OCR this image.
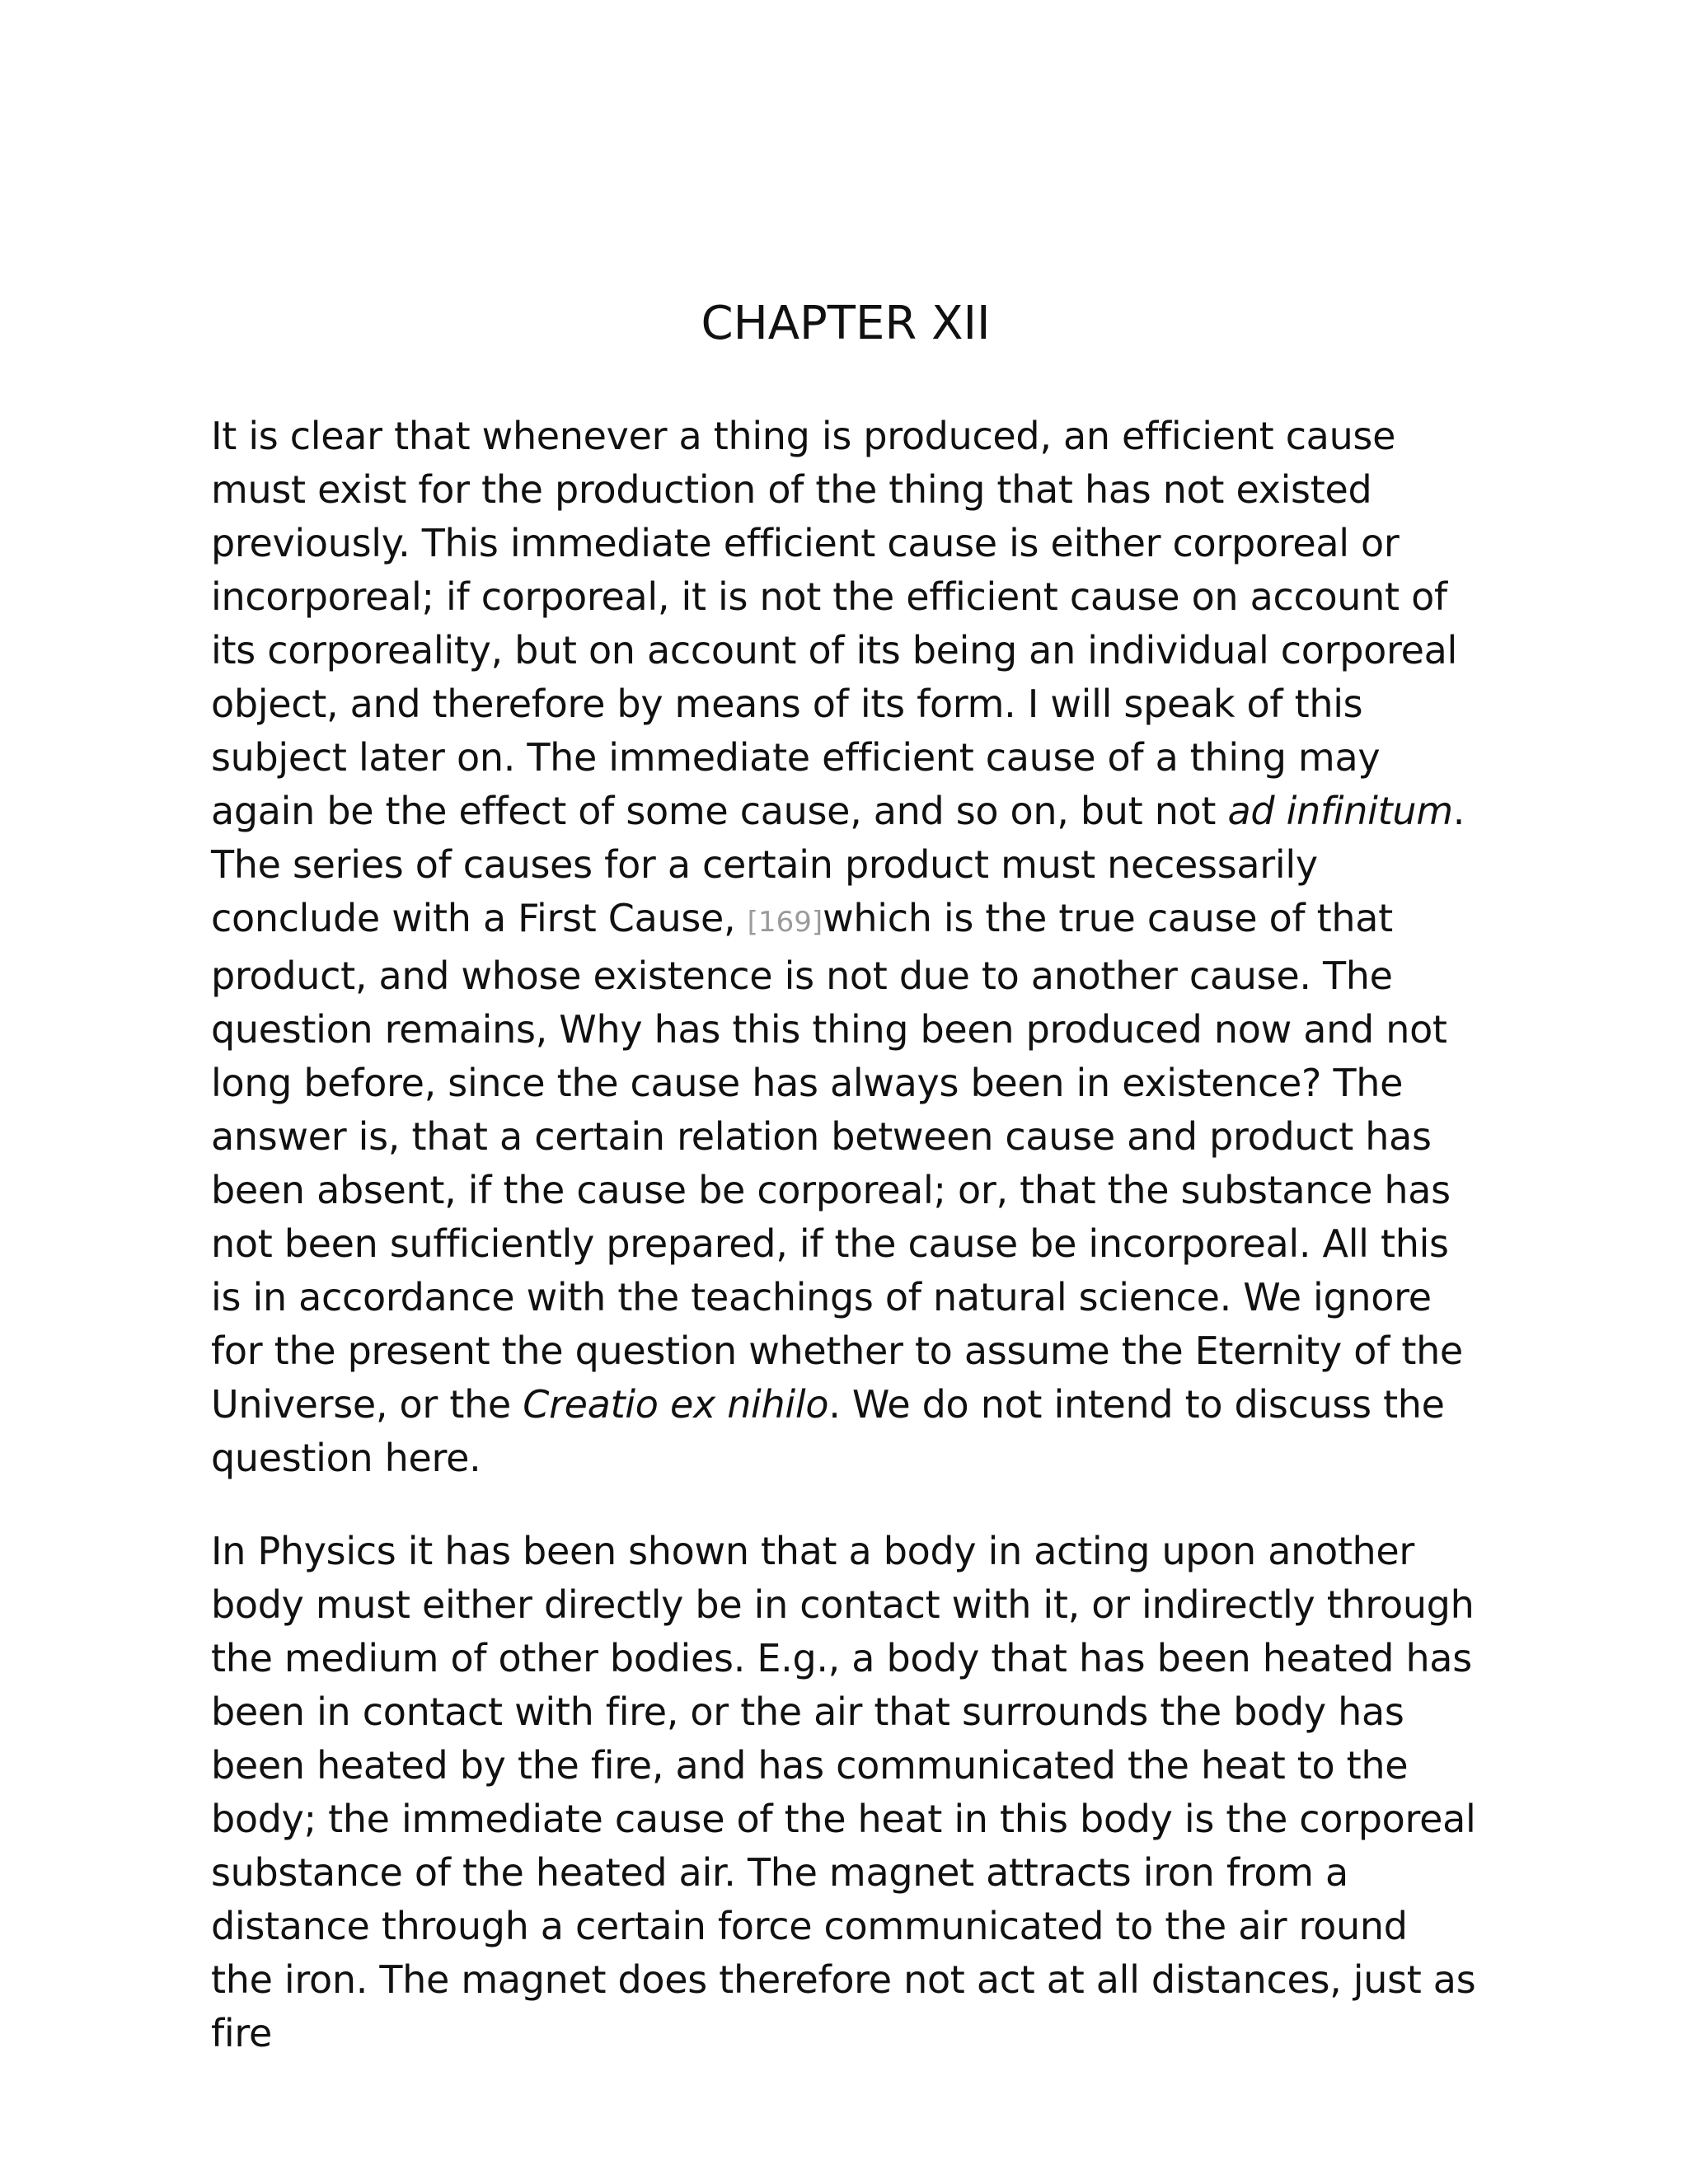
CHAPTER XII

It is clear that whenever a thing is produced, an efficient cause must exist for the production of the thing that has not existed previously. This immediate efficient cause is either corporeal or incorporeal; if corporeal, it is not the efficient cause on account of its corporeality, but on account of its being an individual corporeal object, and therefore by means of its form. I will speak of this subject later on. The immediate efficient cause of a thing may again be the effect of some cause, and so on, but not ad infinitum. The series of causes for a certain product must necessarily conclude with a First Cause, [169]which is the true cause of that product, and whose existence is not due to another cause. The question remains, Why has this thing been produced now and not long before, since the cause has always been in existence? The answer is, that a certain relation between cause and product has been absent, if the cause be corporeal; or, that the substance has not been sufficiently prepared, if the cause be incorporeal. All this is in accordance with the teachings of natural science. We ignore for the present the question whether to assume the Eternity of the Universe, or the Creatio ex nihilo. We do not intend to discuss the question here.

In Physics it has been shown that a body in acting upon another body must either directly be in contact with it, or indirectly through the medium of other bodies. E.g., a body that has been heated has been in contact with fire, or the air that surrounds the body has been heated by the fire, and has communicated the heat to the body; the immediate cause of the heat in this body is the corporeal substance of the heated air. The magnet attracts iron from a distance through a certain force communicated to the air round the iron. The magnet does therefore not act at all distances, just as fire
